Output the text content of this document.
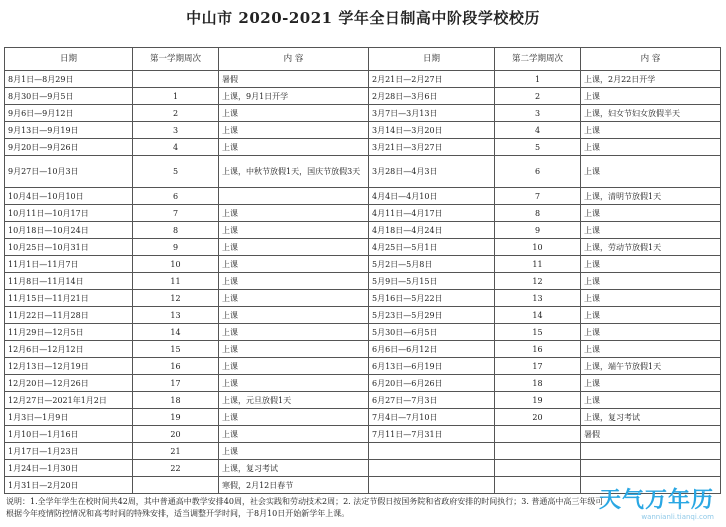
中山市 2020-2021 学年全日制高中阶段学校校历
日期	第一学期周次	内 容	日期	第二学期周次	内 容
8月1日—8月29日		暑假	2月21日—2月27日	1	上课，2月22日开学
8月30日—9月5日	1	上课，9月1日开学	2月28日—3月6日	2	上课
9月6日—9月12日	2	上课	3月7日—3月13日	3	上课，妇女节妇女放假半天
9月13日—9月19日	3	上课	3月14日—3月20日	4	上课
9月20日—9月26日	4	上课	3月21日—3月27日	5	上课
9月27日—10月3日	5	上课，中秋节放假1天，国庆节放假3天	3月28日—4月3日	6	上课
10月4日—10月10日	6		4月4日—4月10日	7	上课，清明节放假1天
10月11日—10月17日	7	上课	4月11日—4月17日	8	上课
10月18日—10月24日	8	上课	4月18日—4月24日	9	上课
10月25日—10月31日	9	上课	4月25日—5月1日	10	上课，劳动节放假1天
11月1日—11月7日	10	上课	5月2日—5月8日	11	上课
11月8日—11月14日	11	上课	5月9日—5月15日	12	上课
11月15日—11月21日	12	上课	5月16日—5月22日	13	上课
11月22日—11月28日	13	上课	5月23日—5月29日	14	上课
11月29日—12月5日	14	上课	5月30日—6月5日	15	上课
12月6日—12月12日	15	上课	6月6日—6月12日	16	上课
12月13日—12月19日	16	上课	6月13日—6月19日	17	上课，端午节放假1天
12月20日—12月26日	17	上课	6月20日—6月26日	18	上课
12月27日—2021年1月2日	18	上课，元旦放假1天	6月27日—7月3日	19	上课
1月3日—1月9日	19	上课	7月4日—7月10日	20	上课，复习考试
1月10日—1月16日	20	上课	7月11日—7月31日		暑假
1月17日—1月23日	21	上课			
1月24日—1月30日	22	上课，复习考试			
1月31日—2月20日		寒假，2月12日春节			
说明：1.全学年学生在校时间共42周，其中普通高中教学安排40周，社会实践和劳动技术2周；2. 法定节假日按国务院和省政府安排的时间执行；3. 普通高中高三年级可根据今年疫情防控情况和高考时间的特殊安排，适当调整开学时间，于8月10日开始新学年上课。
天气万年历
wannianli.tianqi.com
